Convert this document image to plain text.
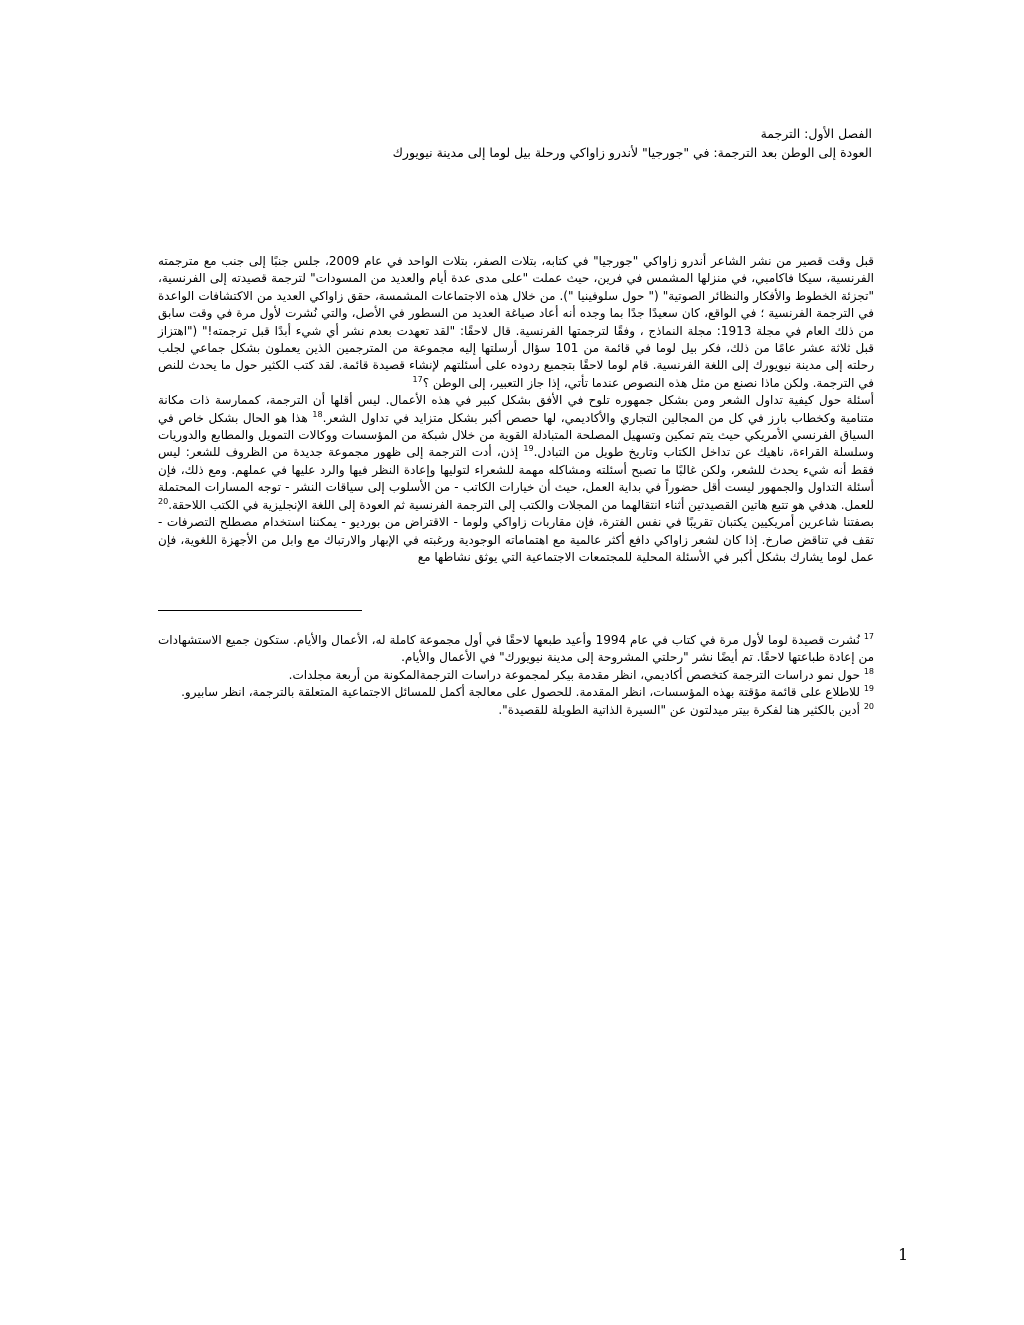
الفصل الأول: الترجمة
العودة إلى الوطن بعد الترجمة: في "جورجيا" لأندرو زاواكي ورحلة بيل لوما إلى مدينة نيويورك

قبل وقت قصير من نشر الشاعر أندرو زاواكي "جورجيا" في كتابه، بتلات الصفر، بتلات الواحد في عام 2009، جلس جنبًا إلى جنب مع مترجمته الفرنسية، سيكا فاكامبي، في منزلها المشمس في فرين، حيث عملت "على مدى عدة أيام والعديد من المسودات" لترجمة قصيدته إلى الفرنسية، "تجزئة الخطوط والأفكار والنظائر الصوتية" (" حول سلوفينيا "). من خلال هذه الاجتماعات المشمسة، حقق زاواكي العديد من الاكتشافات الواعدة في الترجمة الفرنسية ؛ في الواقع، كان سعيدًا جدًا بما وجده أنه أعاد صياغة العديد من السطور في الأصل، والتي نُشرت لأول مرة في وقت سابق من ذلك العام في مجلة 1913: مجلة النماذج ، وفقًا لترجمتها الفرنسية. قال لاحقًا: "لقد تعهدت بعدم نشر أي شيء أبدًا قبل ترجمته!" ("اهتزاز قبل ثلاثة عشر عامًا من ذلك، فكر بيل لوما في قائمة من 101 سؤال أرسلتها إليه مجموعة من المترجمين الذين يعملون بشكل جماعي لجلب رحلته إلى مدينة نيويورك إلى اللغة الفرنسية. قام لوما لاحقًا بتجميع ردوده على أسئلتهم لإنشاء قصيدة قائمة. لقد كتب الكثير حول ما يحدث للنص في الترجمة. ولكن ماذا نصنع من مثل هذه النصوص عندما تأتي، إذا جاز التعبير، إلى الوطن ؟$^{17}$

أسئلة حول كيفية تداول الشعر ومن بشكل جمهوره تلوح في الأفق بشكل كبير في هذه الأعمال. ليس أقلها أن الترجمة، كممارسة ذات مكانة متنامية وكخطاب بارز في كل من المجالين التجاري والأكاديمي، لها حصص أكبر بشكل متزايد في تداول الشعر.$^{18}$ هذا هو الحال بشكل خاص في السياق الفرنسي الأمريكي حيث يتم تمكين وتسهيل المصلحة المتبادلة القوية من خلال شبكة من المؤسسات ووكالات التمويل والمطابع والدوريات وسلسلة القراءة، ناهيك عن تداخل الكتاب وتاريخ طويل من التبادل.$^{19}$ إذن، أدت الترجمة إلى ظهور مجموعة جديدة من الظروف للشعر: ليس فقط أنه شيء يحدث للشعر، ولكن غالبًا ما تصبح أسئلته ومشاكله مهمة للشعراء لتوليها وإعادة النظر فيها والرد عليها في عملهم. ومع ذلك، فإن أسئلة التداول والجمهور ليست أقل حضوراً في بداية العمل، حيث أن خيارات الكاتب - من الأسلوب إلى سياقات النشر - توجه المسارات المحتملة للعمل. هدفي هو تتبع هاتين القصيدتين أثناء انتقالهما من المجلات والكتب إلى الترجمة الفرنسية ثم العودة إلى اللغة الإنجليزية في الكتب اللاحقة.$^{20}$ بصفتنا شاعرين أمريكيين يكتبان تقريبًا في نفس الفترة، فإن مقاربات زاواكي ولوما - الاقتراض من بورديو - يمكننا استخدام مصطلح التصرفات - تقف في تناقض صارخ. إذا كان لشعر زاواكي دافع أكثر عالمية مع اهتماماته الوجودية ورغبته في الإبهار والارتباك مع وابل من الأجهزة اللغوية، فإن عمل لوما يشارك بشكل أكبر في الأسئلة المحلية للمجتمعات الاجتماعية التي يوثق نشاطها مع

$^{17}$ نُشرت قصيدة لوما لأول مرة في كتاب في عام 1994 وأعيد طبعها لاحقًا في أول مجموعة كاملة له، الأعمال والأيام. ستكون جميع الاستشهادات من إعادة طباعتها لاحقًا. تم أيضًا نشر "رحلتي المشروحة إلى مدينة نيويورك" في الأعمال والأيام.

$^{18}$ حول نمو دراسات الترجمة كتخصص أكاديمي، انظر مقدمة بيكر لمجموعة دراسات الترجمةالمكونة من أربعة مجلدات.

$^{19}$ للاطلاع على قائمة مؤقتة بهذه المؤسسات، انظر المقدمة. للحصول على معالجة أكمل للمسائل الاجتماعية المتعلقة بالترجمة، انظر سابيرو.

$^{20}$ أدين بالكثير هنا لفكرة بيتر ميدلتون عن "السيرة الذاتية الطويلة للقصيدة".

1
